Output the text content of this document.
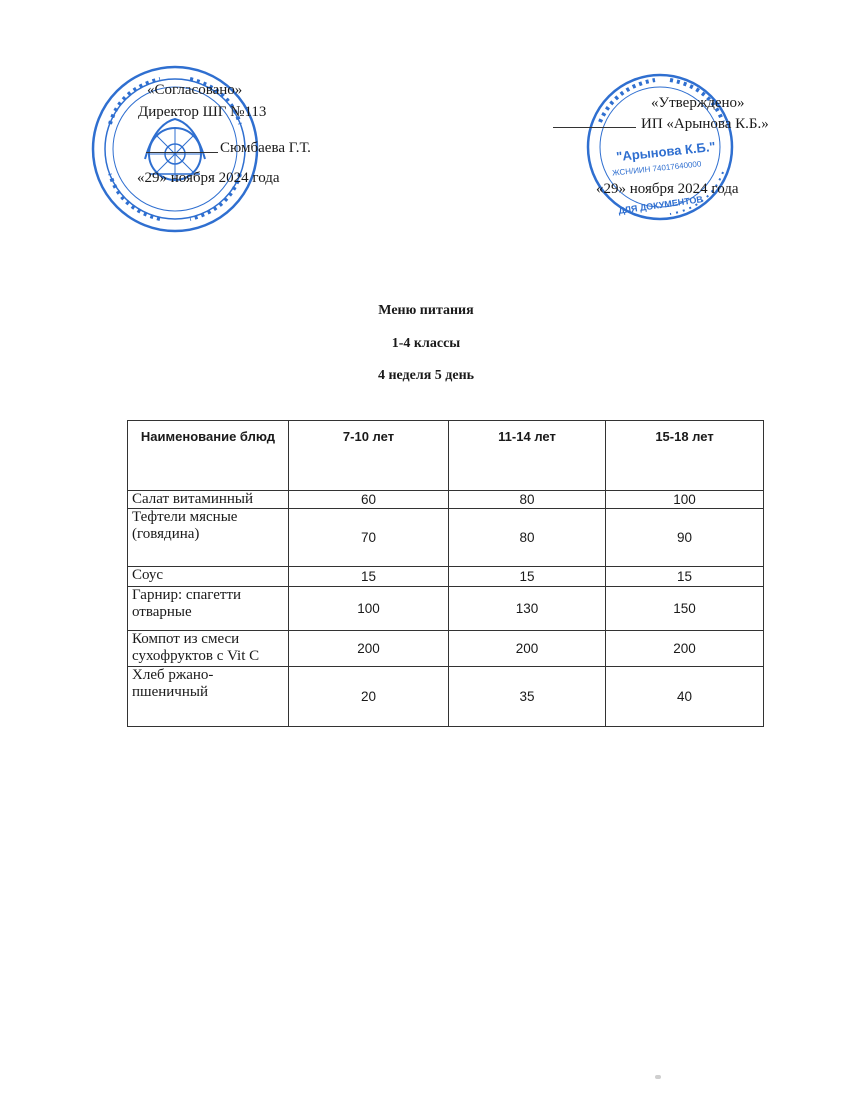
"Арынова К.Б."
ЖСН/ИИН 74017640000
ДЛЯ ДОКУМЕНТОВ
«Согласовано»
Директор ШГ №113
Сюмбаева Г.Т.
«29» ноября 2024 года
«Утверждено»
ИП «Арынова К.Б.»
«29» ноября 2024 года
Меню питания
1-4 классы
4 неделя 5 день
Наименование блюд	7-10 лет	11-14 лет	15-18 лет
Салат витаминный	60	80	100
Тефтели мясные (говядина)	70	80	90
Соус	15	15	15
Гарнир: спагетти отварные	100	130	150
Компот из смеси сухофруктов с Vit C	200	200	200
Хлеб ржано-пшеничный	20	35	40
